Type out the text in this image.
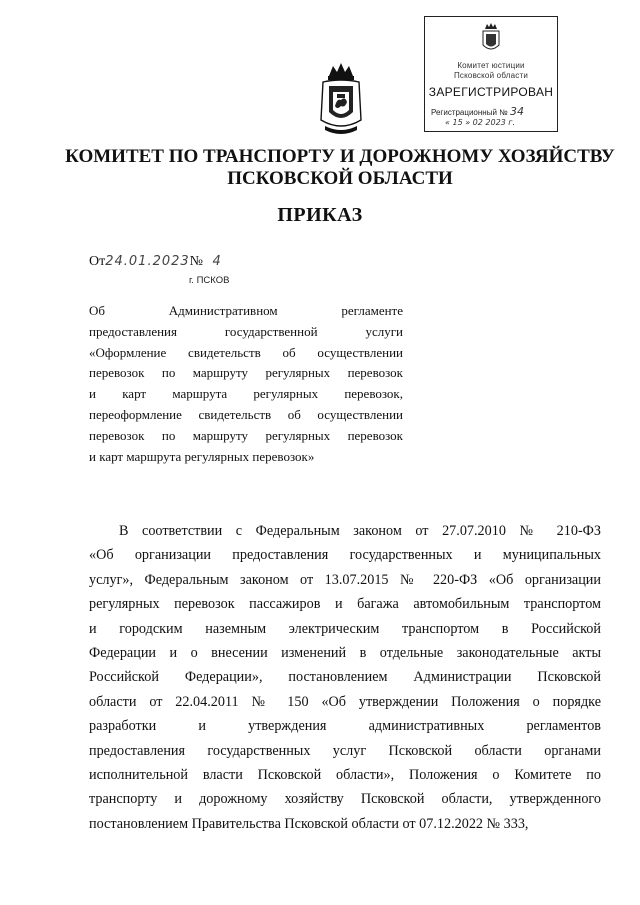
Комитет юстиции
Псковской области
ЗАРЕГИСТРИРОВАН
Регистрационный № 34
« 15 » 02 2023 г.
КОМИТЕТ ПО ТРАНСПОРТУ И ДОРОЖНОМУ ХОЗЯЙСТВУ
ПСКОВСКОЙ ОБЛАСТИ
ПРИКАЗ
От24.01.2023№ 4
г. ПСКОВ
Об Административном регламенте
предоставления государственной услуги
«Оформление свидетельств об осуществлении
перевозок по маршруту регулярных перевозок
и карт маршрута регулярных перевозок,
переоформление свидетельств об осуществлении
перевозок по маршруту регулярных перевозок
и карт маршрута регулярных перевозок»
В соответствии с Федеральным законом от 27.07.2010 № 210-ФЗ
«Об организации предоставления государственных и муниципальных
услуг», Федеральным законом от 13.07.2015 № 220-ФЗ «Об организации
регулярных перевозок пассажиров и багажа автомобильным транспортом
и городским наземным электрическим транспортом в Российской
Федерации и о внесении изменений в отдельные законодательные акты
Российской Федерации», постановлением Администрации Псковской
области от 22.04.2011 № 150 «Об утверждении Положения о порядке
разработки и утверждения административных регламентов
предоставления государственных услуг Псковской области органами
исполнительной власти Псковской области», Положения о Комитете по
транспорту и дорожному хозяйству Псковской области, утвержденного
постановлением Правительства Псковской области от 07.12.2022 № 333,
